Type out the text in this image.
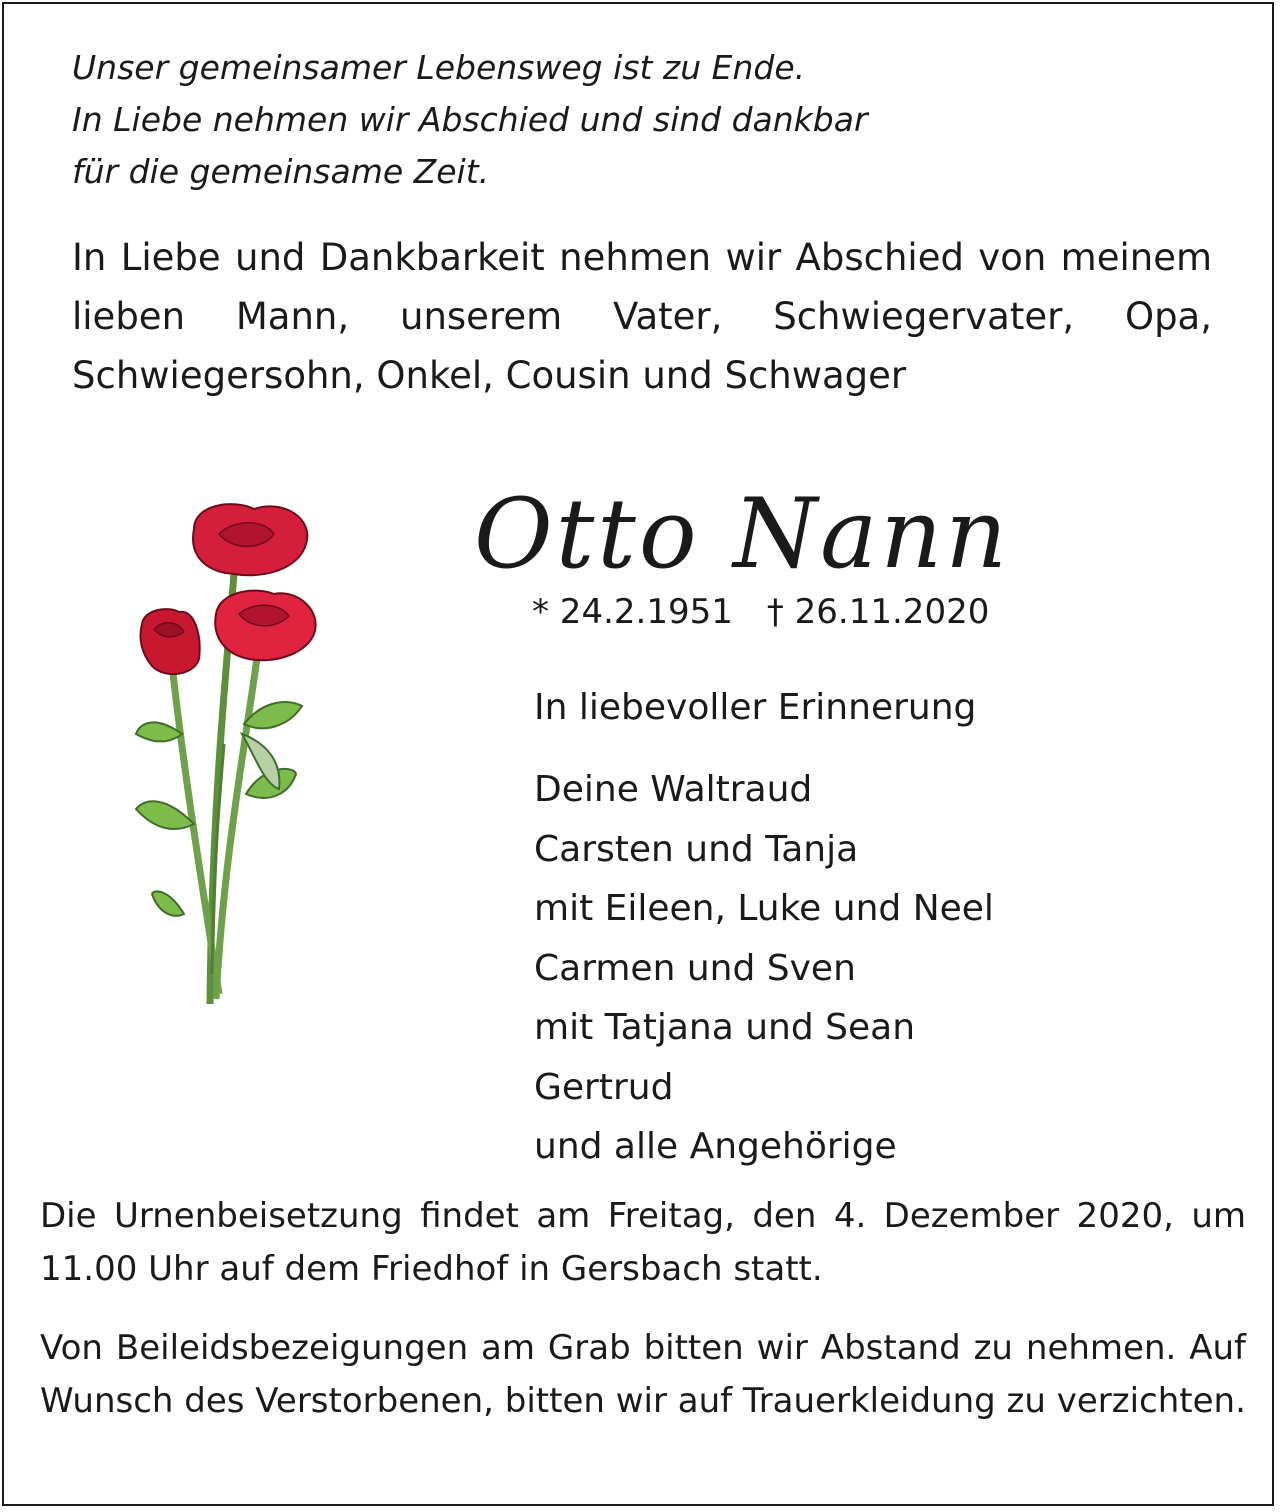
Unser gemeinsamer Lebensweg ist zu Ende.
In Liebe nehmen wir Abschied und sind dankbar
für die gemeinsame Zeit.

In Liebe und Dankbarkeit nehmen wir Abschied von meinem lieben Mann, unserem Vater, Schwiegervater, Opa, Schwiegersohn, Onkel, Cousin und Schwager

Otto Nann
* 24.2.1951 † 26.11.2020
In liebevoller Erinnerung
Deine Waltraud
Carsten und Tanja
mit Eileen, Luke und Neel
Carmen und Sven
mit Tatjana und Sean
Gertrud
und alle Angehörige

Die Urnenbeisetzung findet am Freitag, den 4. Dezember 2020, um 11.00 Uhr auf dem Friedhof in Gersbach statt.

Von Beileidsbezeigungen am Grab bitten wir Abstand zu nehmen. Auf Wunsch des Verstorbenen, bitten wir auf Trauerkleidung zu verzichten.
